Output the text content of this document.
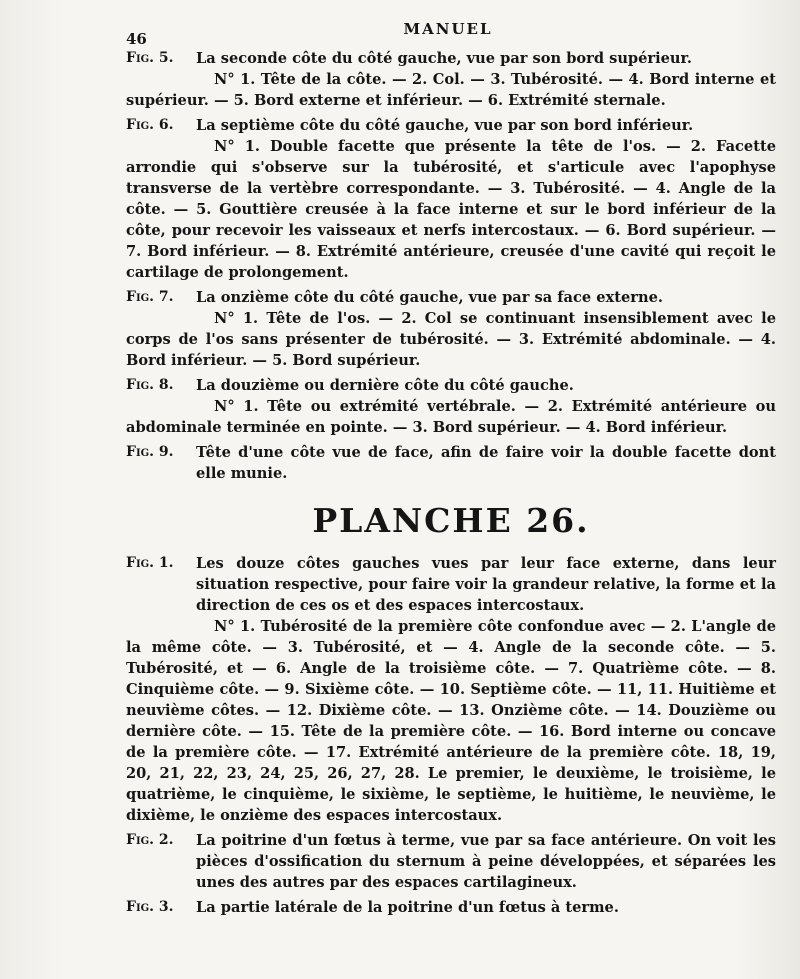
46
MANUEL
Fig. 5.	La seconde côte du côté gauche, vue par son bord supérieur.
N° 1. Tête de la côte. — 2. Col. — 3. Tubérosité. — 4. Bord interne et supérieur. — 5. Bord externe et inférieur. — 6. Extrémité sternale.
Fig. 6.	La septième côte du côté gauche, vue par son bord inférieur.
N° 1. Double facette que présente la tête de l'os. — 2. Facette arrondie qui s'observe sur la tubérosité, et s'articule avec l'apophyse transverse de la vertèbre correspondante. — 3. Tubérosité. — 4. Angle de la côte. — 5. Gouttière creusée à la face interne et sur le bord inférieur de la côte, pour recevoir les vaisseaux et nerfs intercostaux. — 6. Bord supérieur. — 7. Bord inférieur. — 8. Extrémité antérieure, creusée d'une cavité qui reçoit le cartilage de prolongement.
Fig. 7.	La onzième côte du côté gauche, vue par sa face externe.
N° 1. Tête de l'os. — 2. Col se continuant insensiblement avec le corps de l'os sans présenter de tubérosité. — 3. Extrémité abdominale. — 4. Bord inférieur. — 5. Bord supérieur.
Fig. 8.	La douzième ou dernière côte du côté gauche.
N° 1. Tête ou extrémité vertébrale. — 2. Extrémité antérieure ou abdominale terminée en pointe. — 3. Bord supérieur. — 4. Bord inférieur.
Fig. 9.	Tête d'une côte vue de face, afin de faire voir la double facette dont elle munie.
PLANCHE 26.
Fig. 1.	Les douze côtes gauches vues par leur face externe, dans leur situation respective, pour faire voir la grandeur relative, la forme et la direction de ces os et des espaces intercostaux.
N° 1. Tubérosité de la première côte confondue avec — 2. L'angle de la même côte. — 3. Tubérosité, et — 4. Angle de la seconde côte. — 5. Tubérosité, et — 6. Angle de la troisième côte. — 7. Quatrième côte. — 8. Cinquième côte. — 9. Sixième côte. — 10. Septième côte. — 11, 11. Huitième et neuvième côtes. — 12. Dixième côte. — 13. Onzième côte. — 14. Douzième ou dernière côte. — 15. Tête de la première côte. — 16. Bord interne ou concave de la première côte. — 17. Extrémité antérieure de la première côte. 18, 19, 20, 21, 22, 23, 24, 25, 26, 27, 28. Le premier, le deuxième, le troisième, le quatrième, le cinquième, le sixième, le septième, le huitième, le neuvième, le dixième, le onzième des espaces intercostaux.
Fig. 2.	La poitrine d'un fœtus à terme, vue par sa face antérieure. On voit les pièces d'ossification du sternum à peine développées, et séparées les unes des autres par des espaces cartilagineux.
Fig. 3.	La partie latérale de la poitrine d'un fœtus à terme.
